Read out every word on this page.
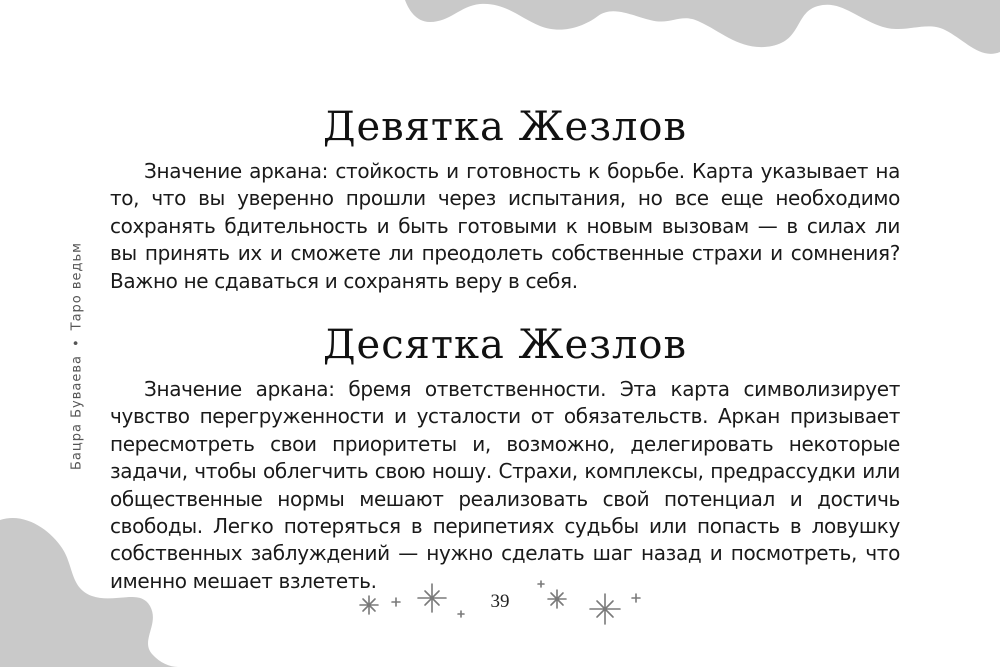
Бацра Буваева•Таро ведьм
Девятка Жезлов

Значение аркана: стойкость и готовность к борьбе. Карта указывает на то, что вы уверенно прошли через испытания, но все еще необходимо сохранять бдительность и быть готовыми к новым вызовам — в силах ли вы принять их и сможете ли преодолеть собственные страхи и сомнения? Важно не сдаваться и сохранять веру в себя.

Десятка Жезлов

Значение аркана: бремя ответственности. Эта карта символизирует чувство перегруженности и усталости от обязательств. Аркан призывает пересмотреть свои приоритеты и, возможно, делегировать некоторые задачи, чтобы облегчить свою ношу. Страхи, комплексы, предрассудки или общественные нормы мешают реализовать свой потенциал и достичь свободы. Легко потеряться в перипетиях судьбы или попасть в ловушку собственных заблуждений — нужно сделать шаг назад и посмотреть, что именно мешает взлететь.

39
